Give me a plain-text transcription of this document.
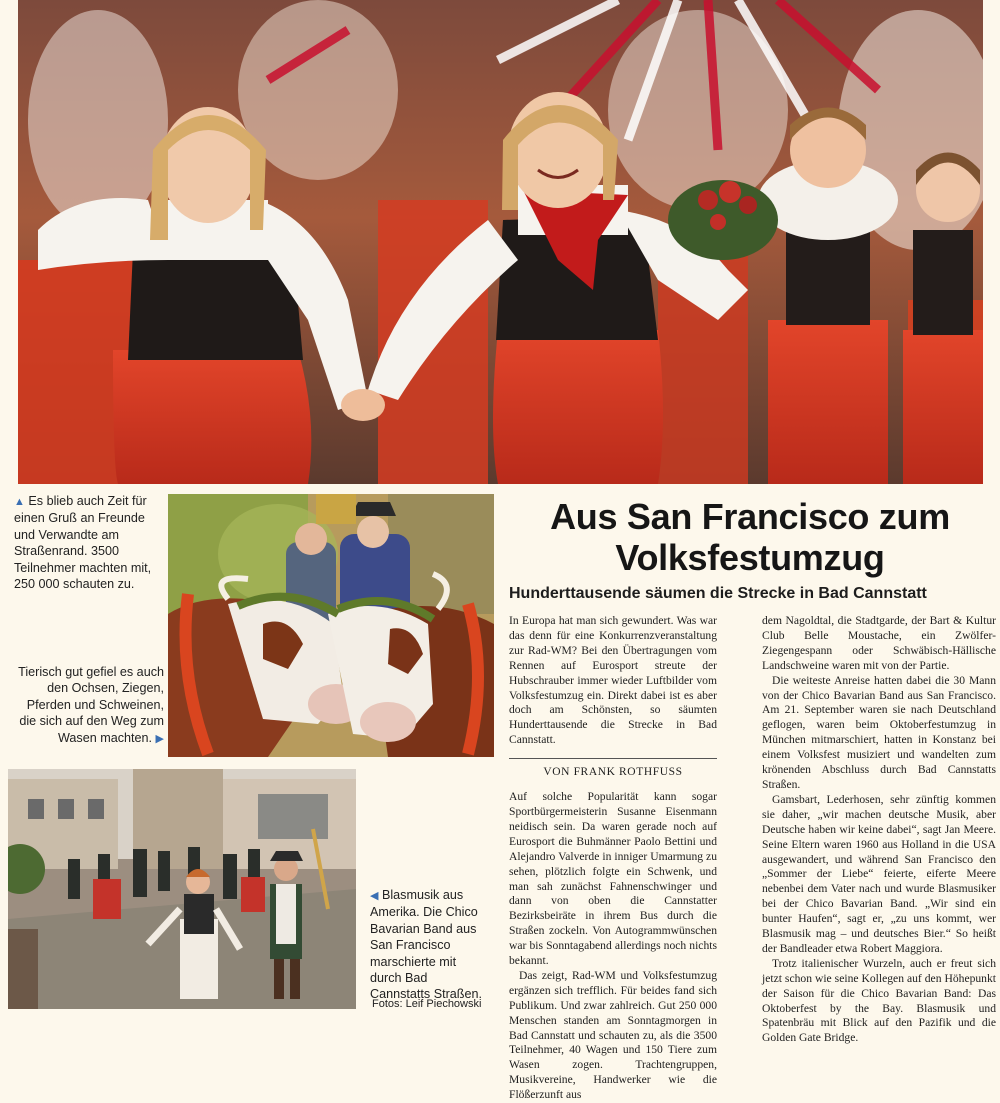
▲ Es blieb auch Zeit für einen Gruß an Freunde und Verwandte am Straßenrand. 3500 Teilnehmer machten mit, 250 000 schauten zu.
Tierisch gut gefiel es auch den Ochsen, Ziegen, Pferden und Schweinen, die sich auf den Weg zum Wasen machten. ▶
◀ Blasmusik aus Amerika. Die Chico Bavarian Band aus San Francisco marschierte mit durch Bad Cannstatts Straßen.
Fotos: Leif Piechowski
Aus San Francisco zum
Volksfestumzug
Hunderttausende säumen die Strecke in Bad Cannstatt

In Europa hat man sich gewundert. Was war das denn für eine Konkurrenzveranstaltung zur Rad-WM? Bei den Übertragungen vom Rennen auf Eurosport streute der Hubschrauber immer wieder Luftbilder vom Volksfestumzug ein. Direkt dabei ist es aber doch am Schönsten, so säumten Hunderttausende die Strecke in Bad Cannstatt.

VON FRANK ROTHFUSS

Auf solche Popularität kann sogar Sportbürgermeisterin Susanne Eisenmann neidisch sein. Da waren gerade noch auf Eurosport die Buhmänner Paolo Bettini und Alejandro Valverde in inniger Umarmung zu sehen, plötzlich folgte ein Schwenk, und man sah zunächst Fahnenschwinger und dann von oben die Cannstatter Bezirksbeiräte in ihrem Bus durch die Straßen zockeln. Von Autogrammwünschen war bis Sonntagabend allerdings noch nichts bekannt.

Das zeigt, Rad-WM und Volksfestumzug ergänzen sich trefflich. Für beides fand sich Publikum. Und zwar zahlreich. Gut 250 000 Menschen standen am Sonntagmorgen in Bad Cannstatt und schauten zu, als die 3500 Teilnehmer, 40 Wagen und 150 Tiere zum Wasen zogen. Trachtengruppen, Musikvereine, Handwerker wie die Flößerzunft aus

dem Nagoldtal, die Stadtgarde, der Bart & Kultur Club Belle Moustache, ein Zwölfer-Ziegengespann oder Schwäbisch-Hällische Landschweine waren mit von der Partie.

Die weiteste Anreise hatten dabei die 30 Mann von der Chico Bavarian Band aus San Francisco. Am 21. September waren sie nach Deutschland geflogen, waren beim Oktoberfestumzug in München mitmarschiert, hatten in Konstanz bei einem Volksfest musiziert und wandelten zum krönenden Abschluss durch Bad Cannstatts Straßen.

Gamsbart, Lederhosen, sehr zünftig kommen sie daher, „wir machen deutsche Musik, aber Deutsche haben wir keine dabei“, sagt Jan Meere. Seine Eltern waren 1960 aus Holland in die USA ausgewandert, und während San Francisco den „Sommer der Liebe“ feierte, eiferte Meere nebenbei dem Vater nach und wurde Blasmusiker bei der Chico Bavarian Band. „Wir sind ein bunter Haufen“, sagt er, „zu uns kommt, wer Blasmusik mag – und deutsches Bier.“ So heißt der Bandleader etwa Robert Maggiora.

Trotz italienischer Wurzeln, auch er freut sich jetzt schon wie seine Kollegen auf den Höhepunkt der Saison für die Chico Bavarian Band: Das Oktoberfest by the Bay. Blasmusik und Spatenbräu mit Blick auf den Pazifik und die Golden Gate Bridge.
